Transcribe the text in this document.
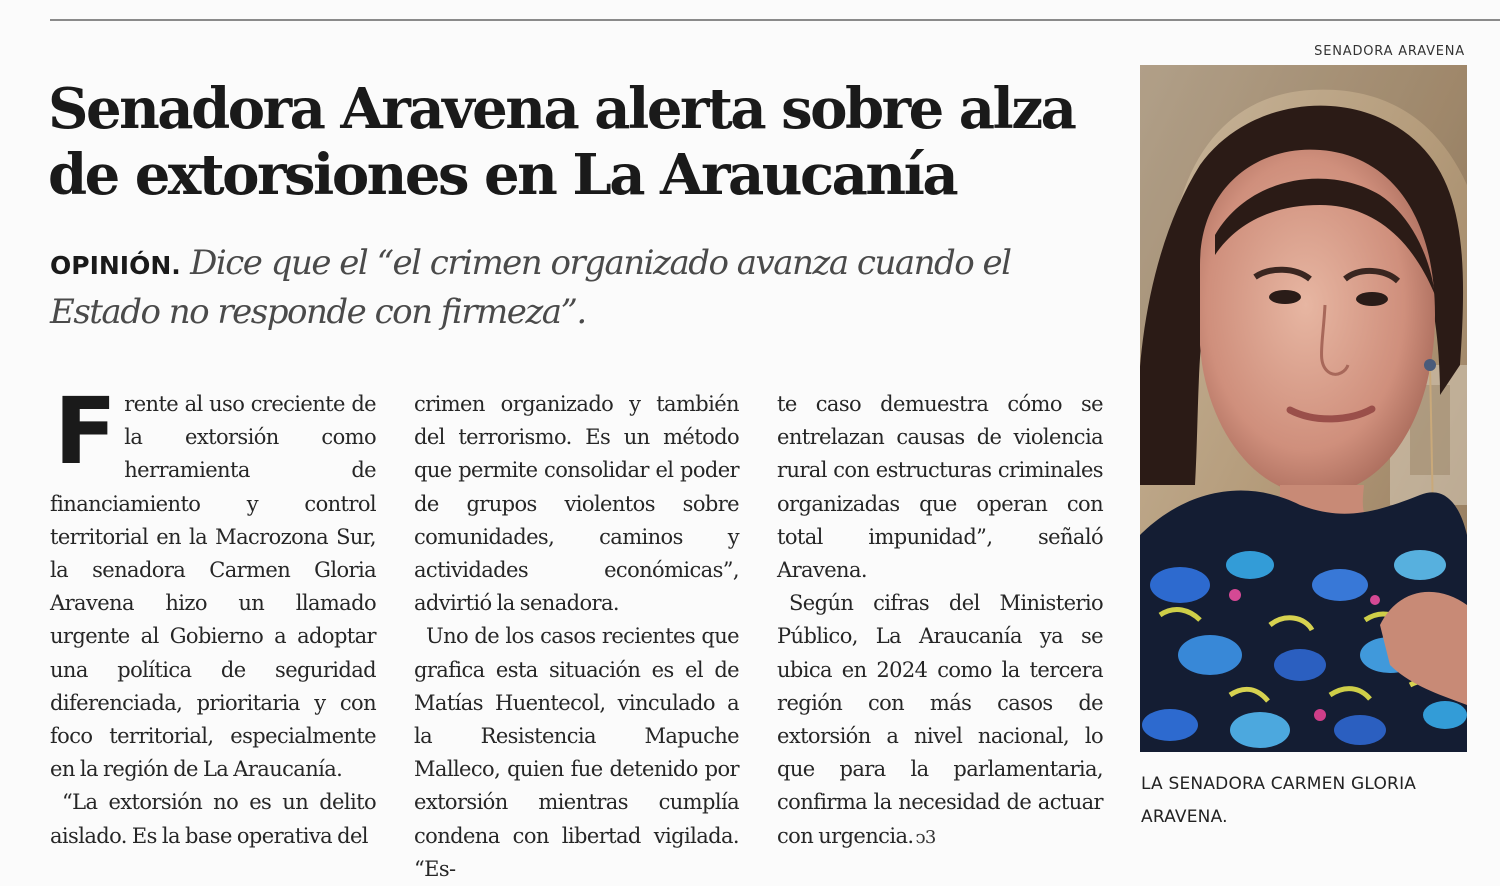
Senadora Aravena alerta sobre alza de extorsiones en La Araucanía

OPINIÓN. Dice que el “el crimen organizado avanza cuando el Estado no responde con firmeza”.

F rente al uso creciente de la extorsión como herramienta de financiamiento y control territorial en la Macrozona Sur, la senadora Carmen Gloria Aravena hizo un llamado urgente al Gobierno a adoptar una política de seguridad diferenciada, prioritaria y con foco territorial, especialmente en la región de La Araucanía.

“La extorsión no es un delito aislado. Es la base operativa del

crimen organizado y también del terrorismo. Es un método que permite consolidar el poder de grupos violentos sobre comunidades, caminos y actividades económicas”, advirtió la senadora.

Uno de los casos recientes que grafica esta situación es el de Matías Huentecol, vinculado a la Resistencia Mapuche Malleco, quien fue detenido por extorsión mientras cumplía condena con libertad vigilada. “Es-

te caso demuestra cómo se entrelazan causas de violencia rural con estructuras criminales organizadas que operan con total impunidad”, señaló Aravena.

Según cifras del Ministerio Público, La Araucanía ya se ubica en 2024 como la tercera región con más casos de extorsión a nivel nacional, lo que para la parlamentaria, confirma la necesidad de actuar con urgencia. ↄ3

SENADORA ARAVENA

LA SENADORA CARMEN GLORIA ARAVENA.
